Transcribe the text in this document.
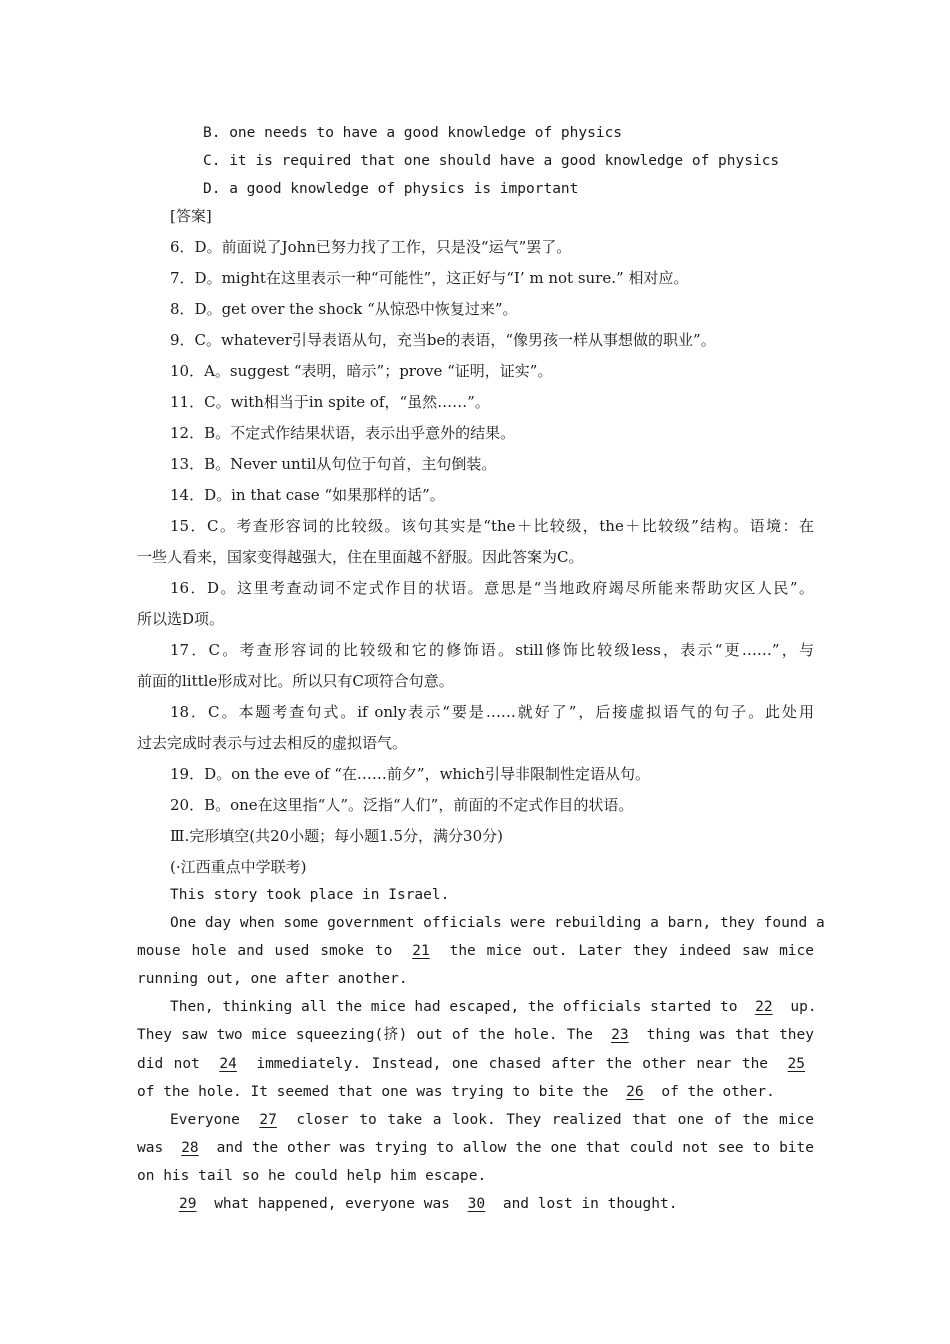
B. one needs to have a good knowledge of physics
C. it is required that one should have a good knowledge of physics
D. a good knowledge of physics is important
[答案]
6．D。前面说了John已努力找了工作，只是没“运气”罢了。
7．D。might在这里表示一种“可能性”，这正好与“I’ m not sure.” 相对应。
8．D。get over the shock “从惊恐中恢复过来”。
9．C。whatever引导表语从句，充当be的表语，“像男孩一样从事想做的职业”。
10．A。suggest “表明，暗示”；prove “证明，证实”。
11．C。with相当于in spite of，“虽然……”。
12．B。不定式作结果状语，表示出乎意外的结果。
13．B。Never until从句位于句首，主句倒装。
14．D。in that case “如果那样的话”。
15．C。考查形容词的比较级。该句其实是“the＋比较级，the＋比较级”结构。语境：在
一些人看来，国家变得越强大，住在里面越不舒服。因此答案为C。
16．D。这里考查动词不定式作目的状语。意思是“当地政府竭尽所能来帮助灾区人民”。
所以选D项。
17．C。考查形容词的比较级和它的修饰语。still修饰比较级less，表示“更……”，与
前面的little形成对比。所以只有C项符合句意。
18．C。本题考查句式。if only表示“要是……就好了”，后接虚拟语气的句子。此处用
过去完成时表示与过去相反的虚拟语气。
19．D。on the eve of “在……前夕”，which引导非限制性定语从句。
20．B。one在这里指“人”。泛指“人们”，前面的不定式作目的状语。
Ⅲ.完形填空(共20小题；每小题1.5分，满分30分)
(·江西重点中学联考)
This story took place in Israel.
One day when some government officials were rebuilding a barn, they found a
mouse hole and used smoke to 21 the mice out. Later they indeed saw mice
running out, one after another.
Then, thinking all the mice had escaped, the officials started to 22 up.
They saw two mice squeezing(挤) out of the hole. The 23 thing was that they
did not 24 immediately. Instead, one chased after the other near the 25
of the hole. It seemed that one was trying to bite the 26 of the other.
Everyone 27 closer to take a look. They realized that one of the mice
was 28 and the other was trying to allow the one that could not see to bite
on his tail so he could help him escape.
29 what happened, everyone was 30 and lost in thought.
